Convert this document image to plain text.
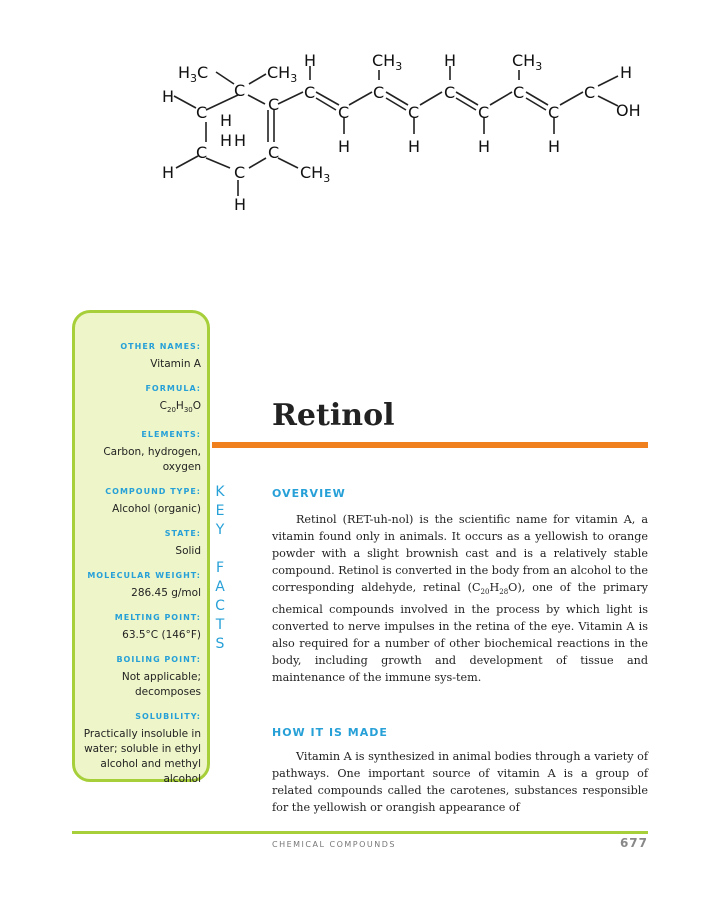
$H_3C$	$CH_3$
C
H
C H
H H
C
H	C
H
C
C
$CH_3$
H
C
C
H
$CH_3$
C
C
H
H
C
C
H
$CH_3$
C
C
H
C
H
OH
OTHER NAMES:
Vitamin A
FORMULA:
$C_{20}H_{30}O$
ELEMENTS:
Carbon, hydrogen, oxygen
COMPOUND TYPE:
Alcohol (organic)
STATE:
Solid
MOLECULAR WEIGHT:
286.45 g/mol
MELTING POINT:
63.5°C (146°F)
BOILING POINT:
Not applicable; decomposes
SOLUBILITY:
Practically insoluble in water; soluble in ethyl alcohol and methyl alcohol
K
E
Y

F
A
C
T
S
Retinol
OVERVIEW

Retinol (RET-uh-nol) is the scientific name for vitamin A, a vitamin found only in animals. It occurs as a yellowish to orange powder with a slight brownish cast and is a relatively stable compound. Retinol is converted in the body from an alcohol to the corresponding aldehyde, retinal $(C_{20}H_{28}O)$, one of the primary chemical compounds involved in the process by which light is converted to nerve impulses in the retina of the eye. Vitamin A is also required for a number of other biochemical reactions in the body, including growth and development of tissue and maintenance of the immune sys-tem.

HOW IT IS MADE

Vitamin A is synthesized in animal bodies through a variety of pathways. One important source of vitamin A is a group of related compounds called the carotenes, substances responsible for the yellowish or orangish appearance of

CHEMICAL COMPOUNDS	677
